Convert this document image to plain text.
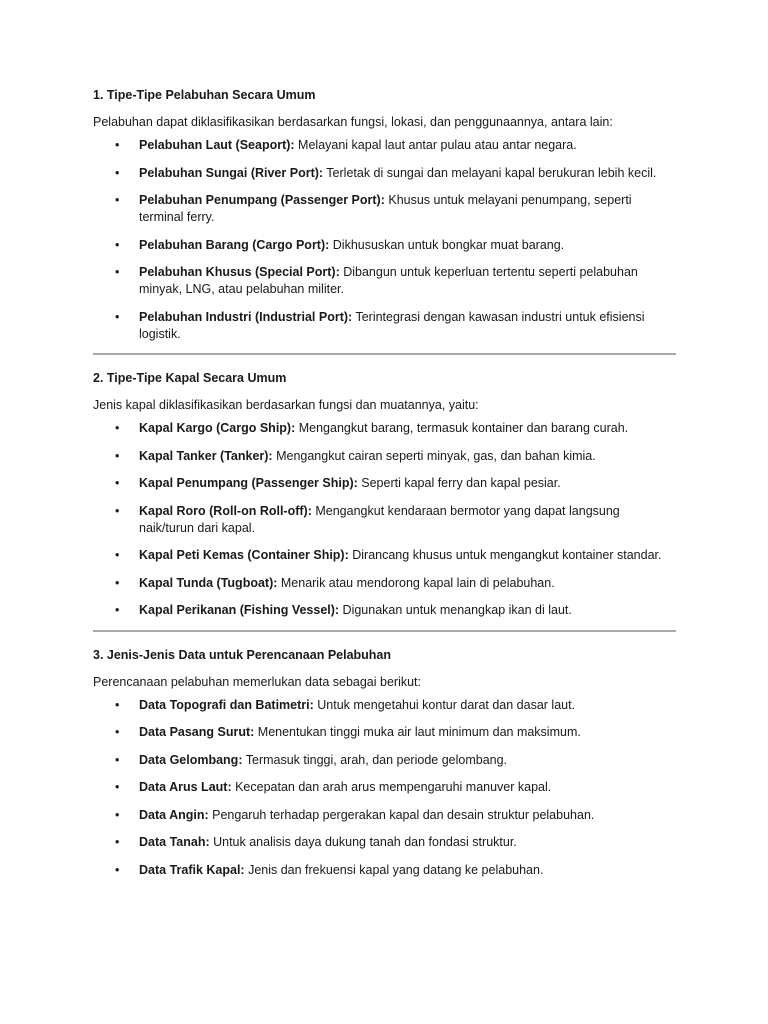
1. Tipe-Tipe Pelabuhan Secara Umum
Pelabuhan dapat diklasifikasikan berdasarkan fungsi, lokasi, dan penggunaannya, antara lain:
• Pelabuhan Laut (Seaport): Melayani kapal laut antar pulau atau antar negara.
• Pelabuhan Sungai (River Port): Terletak di sungai dan melayani kapal berukuran lebih kecil.
• Pelabuhan Penumpang (Passenger Port): Khusus untuk melayani penumpang, seperti terminal ferry.
• Pelabuhan Barang (Cargo Port): Dikhususkan untuk bongkar muat barang.
• Pelabuhan Khusus (Special Port): Dibangun untuk keperluan tertentu seperti pelabuhan minyak, LNG, atau pelabuhan militer.
• Pelabuhan Industri (Industrial Port): Terintegrasi dengan kawasan industri untuk efisiensi logistik.
2. Tipe-Tipe Kapal Secara Umum
Jenis kapal diklasifikasikan berdasarkan fungsi dan muatannya, yaitu:
• Kapal Kargo (Cargo Ship): Mengangkut barang, termasuk kontainer dan barang curah.
• Kapal Tanker (Tanker): Mengangkut cairan seperti minyak, gas, dan bahan kimia.
• Kapal Penumpang (Passenger Ship): Seperti kapal ferry dan kapal pesiar.
• Kapal Roro (Roll-on Roll-off): Mengangkut kendaraan bermotor yang dapat langsung naik/turun dari kapal.
• Kapal Peti Kemas (Container Ship): Dirancang khusus untuk mengangkut kontainer standar.
• Kapal Tunda (Tugboat): Menarik atau mendorong kapal lain di pelabuhan.
• Kapal Perikanan (Fishing Vessel): Digunakan untuk menangkap ikan di laut.
3. Jenis-Jenis Data untuk Perencanaan Pelabuhan
Perencanaan pelabuhan memerlukan data sebagai berikut:
• Data Topografi dan Batimetri: Untuk mengetahui kontur darat dan dasar laut.
• Data Pasang Surut: Menentukan tinggi muka air laut minimum dan maksimum.
• Data Gelombang: Termasuk tinggi, arah, dan periode gelombang.
• Data Arus Laut: Kecepatan dan arah arus mempengaruhi manuver kapal.
• Data Angin: Pengaruh terhadap pergerakan kapal dan desain struktur pelabuhan.
• Data Tanah: Untuk analisis daya dukung tanah dan fondasi struktur.
• Data Trafik Kapal: Jenis dan frekuensi kapal yang datang ke pelabuhan.
